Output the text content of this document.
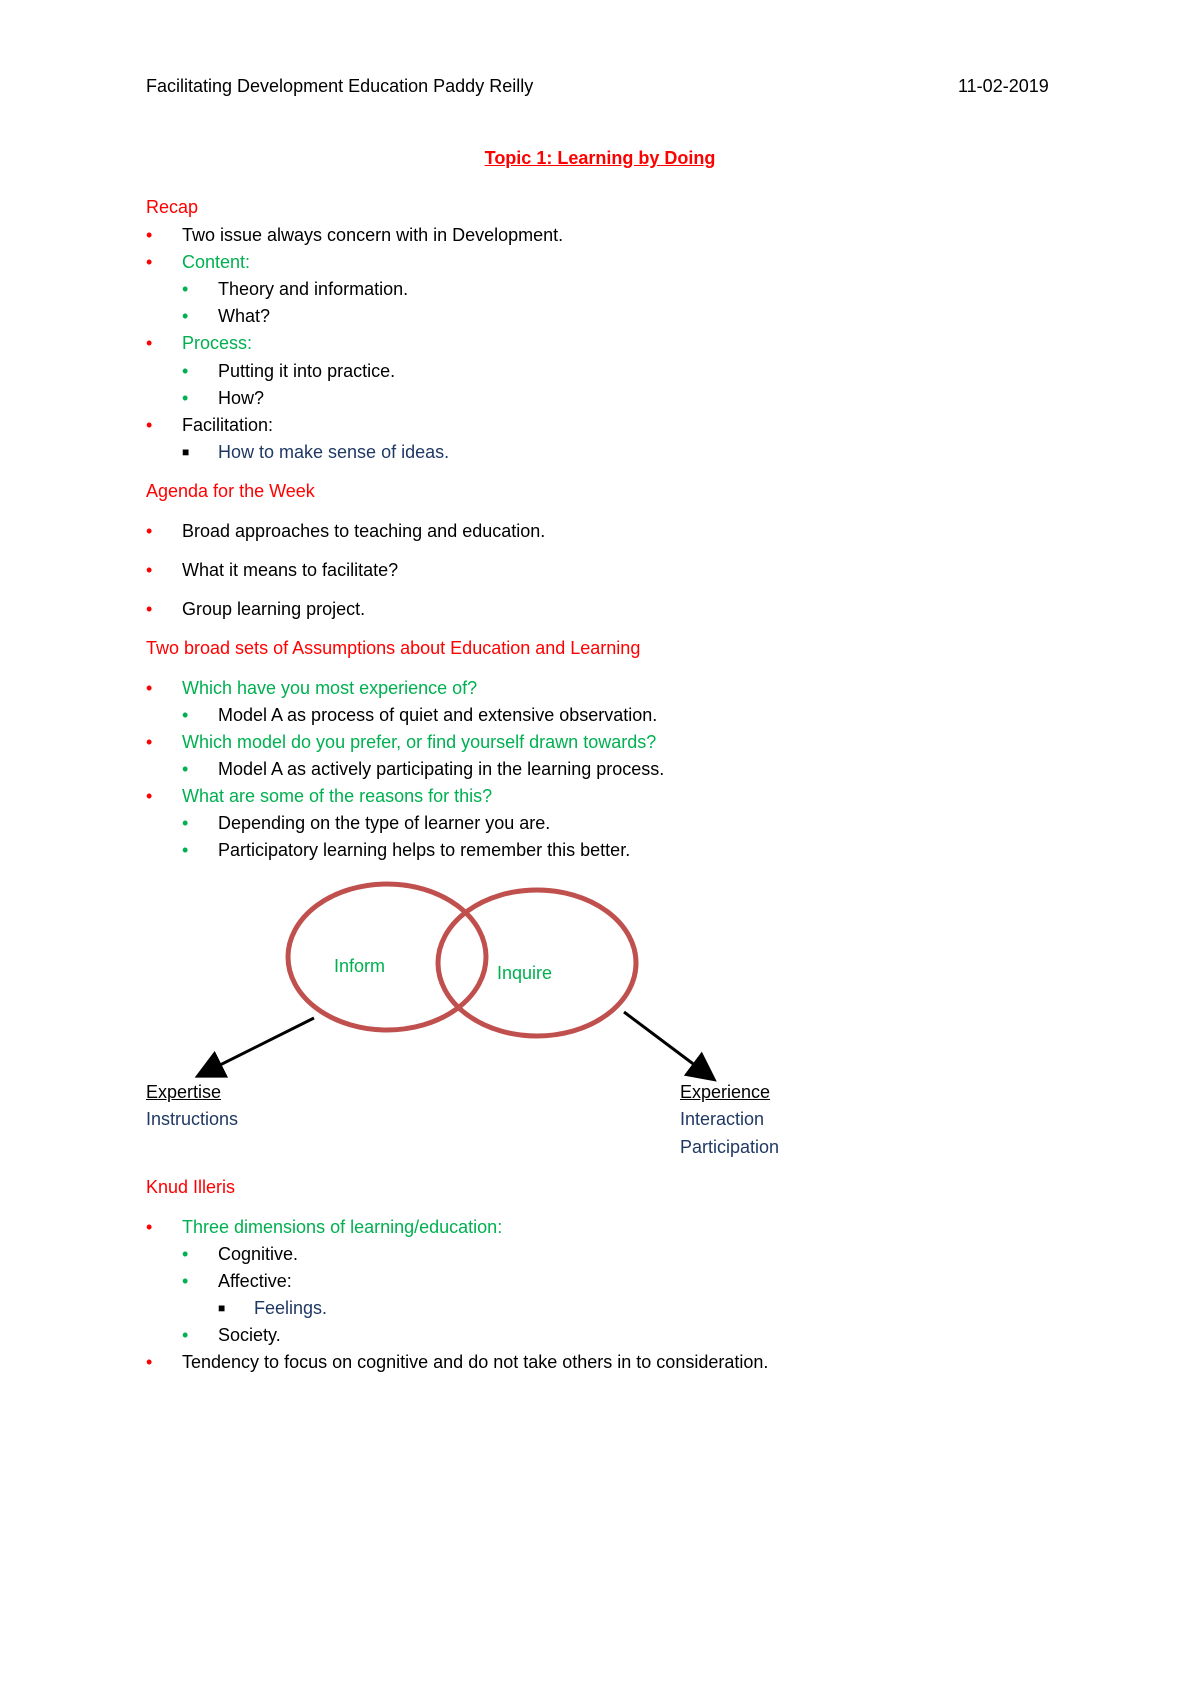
Facilitating Development Education Paddy Reilly	11-02-2019
Topic 1: Learning by Doing
Recap
• Two issue always concern with in Development.
• Content:
• Theory and information.
• What?
• Process:
• Putting it into practice.
• How?
• Facilitation:
■ How to make sense of ideas.
Agenda for the Week
• Broad approaches to teaching and education.
• What it means to facilitate?
• Group learning project.
Two broad sets of Assumptions about Education and Learning
• Which have you most experience of?
• Model A as process of quiet and extensive observation.
• Which model do you prefer, or find yourself drawn towards?
• Model A as actively participating in the learning process.
• What are some of the reasons for this?
• Depending on the type of learner you are.
• Participatory learning helps to remember this better.
Inform	Inquire
Expertise
Instructions
Experience
Interaction
Participation
Knud Illeris
• Three dimensions of learning/education:
• Cognitive.
• Affective:
■ Feelings.
• Society.
• Tendency to focus on cognitive and do not take others in to consideration.
